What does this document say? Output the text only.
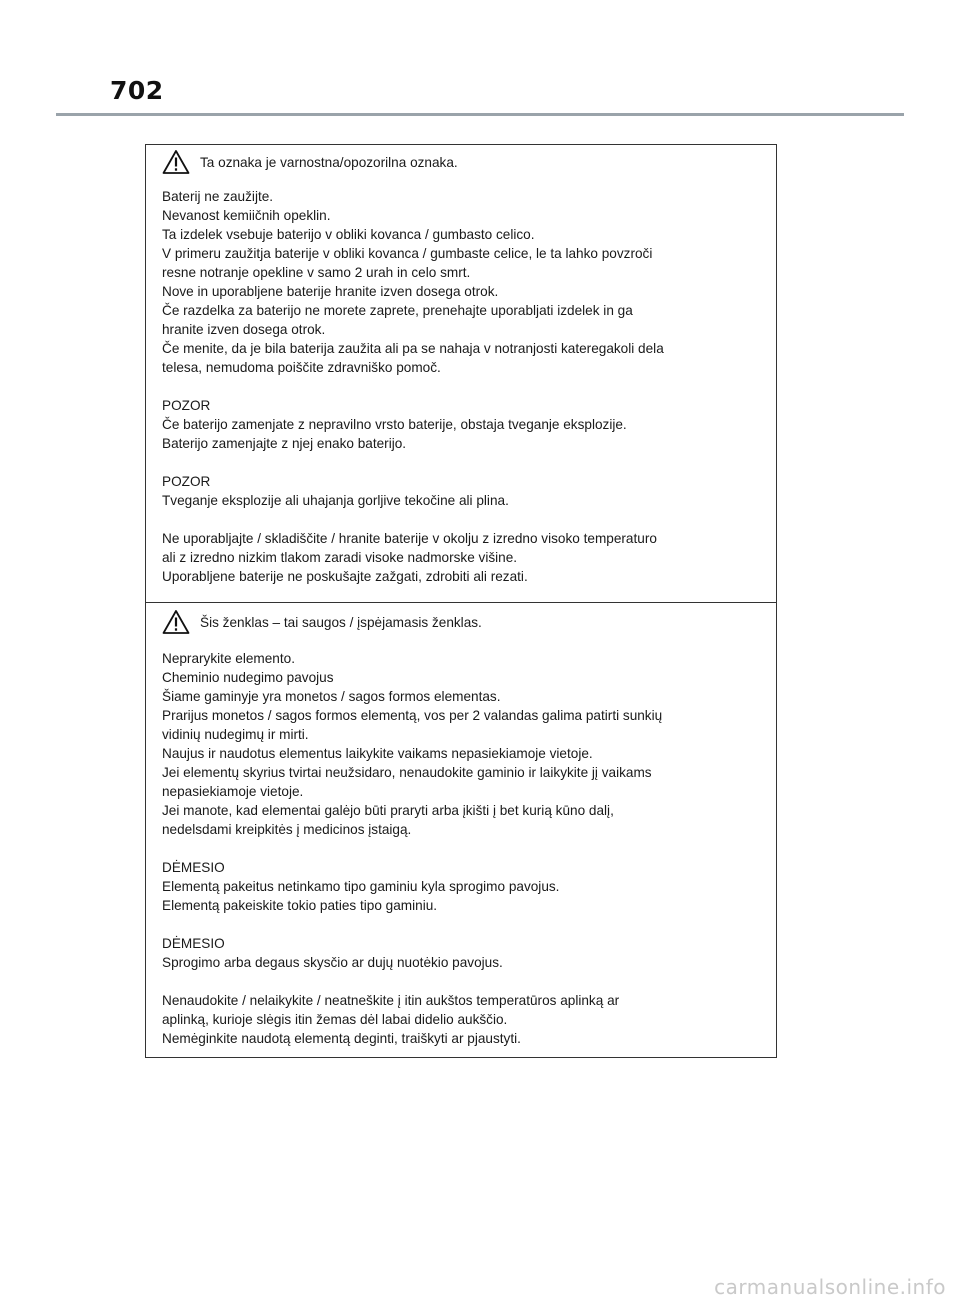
702
Ta oznaka je varnostna/opozorilna oznaka.
Baterij ne zaužijte.
Nevanost kemiičnih opeklin.
Ta izdelek vsebuje baterijo v obliki kovanca / gumbasto celico.
V primeru zaužitja baterije v obliki kovanca / gumbaste celice, le ta lahko povzroči
resne notranje opekline v samo 2 urah in celo smrt.
Nove in uporabljene baterije hranite izven dosega otrok.
Če razdelka za baterijo ne morete zaprete, prenehajte uporabljati izdelek in ga
hranite izven dosega otrok.
Če menite, da je bila baterija zaužita ali pa se nahaja v notranjosti kateregakoli dela
telesa, nemudoma poiščite zdravniško pomoč.
POZOR
Če baterijo zamenjate z nepravilno vrsto baterije, obstaja tveganje eksplozije.
Baterijo zamenjajte z njej enako baterijo.
POZOR
Tveganje eksplozije ali uhajanja gorljive tekočine ali plina.
Ne uporabljajte / skladiščite / hranite baterije v okolju z izredno visoko temperaturo
ali z izredno nizkim tlakom zaradi visoke nadmorske višine.
Uporabljene baterije ne poskušajte zažgati, zdrobiti ali rezati.
Šis ženklas – tai saugos / įspėjamasis ženklas.
Neprarykite elemento.
Cheminio nudegimo pavojus
Šiame gaminyje yra monetos / sagos formos elementas.
Prarijus monetos / sagos formos elementą, vos per 2 valandas galima patirti sunkių
vidinių nudegimų ir mirti.
Naujus ir naudotus elementus laikykite vaikams nepasiekiamoje vietoje.
Jei elementų skyrius tvirtai neužsidaro, nenaudokite gaminio ir laikykite jį vaikams
nepasiekiamoje vietoje.
Jei manote, kad elementai galėjo būti praryti arba įkišti į bet kurią kūno dalį,
nedelsdami kreipkitės į medicinos įstaigą.
DĖMESIO
Elementą pakeitus netinkamo tipo gaminiu kyla sprogimo pavojus.
Elementą pakeiskite tokio paties tipo gaminiu.
DĖMESIO
Sprogimo arba degaus skysčio ar dujų nuotėkio pavojus.
Nenaudokite / nelaikykite / neatneškite į itin aukštos temperatūros aplinką ar
aplinką, kurioje slėgis itin žemas dėl labai didelio aukščio.
Nemėginkite naudotą elementą deginti, traiškyti ar pjaustyti.
carmanualsonline.info
